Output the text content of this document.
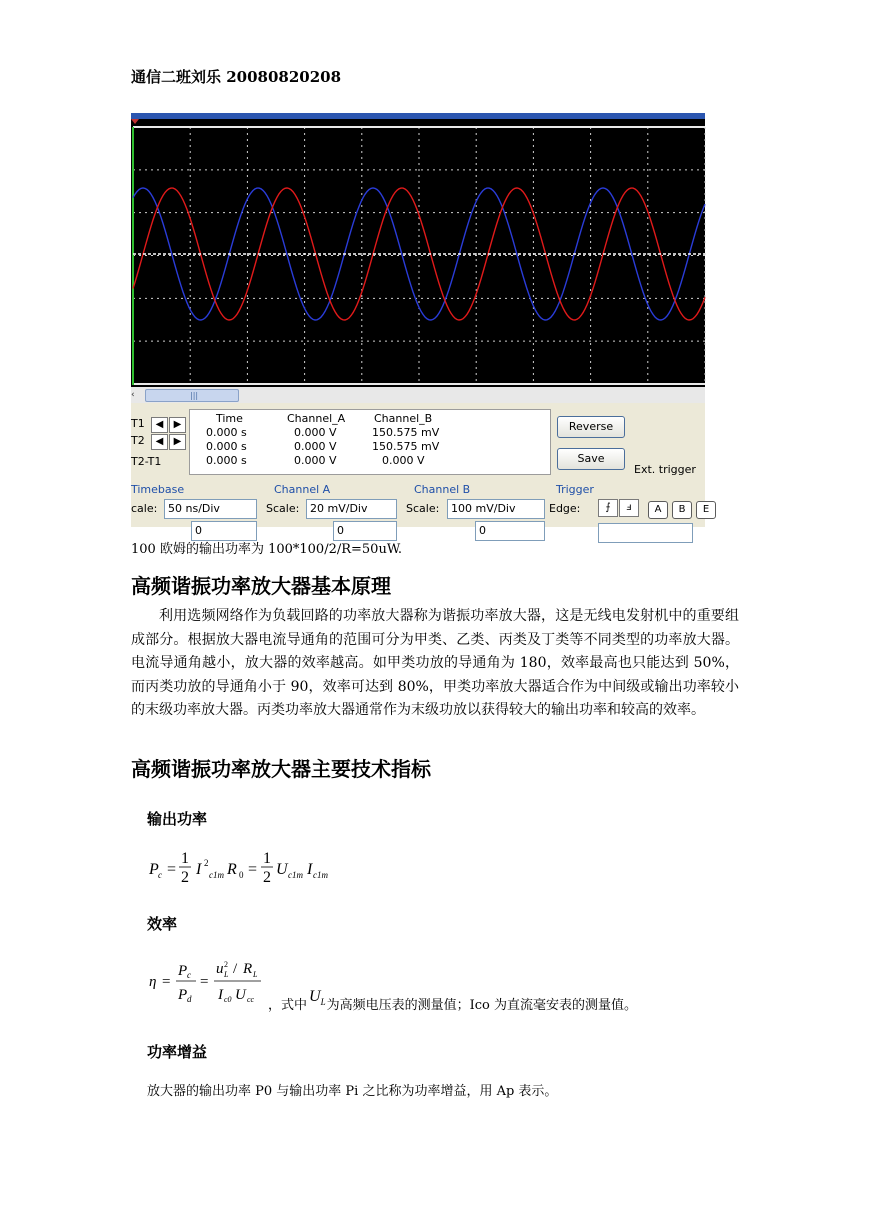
通信二班刘乐 20080820208
‹	|||
T1	◀	▶
T2	◀	▶
T2-T1
Time	Channel_A	Channel_B
0.000 s	0.000 V	150.575 mV
0.000 s	0.000 V	150.575 mV
0.000 s	0.000 V	0.000 V
Reverse
Save
Ext. trigger
Timebase
cale: 50 ns/Div
0
Channel A
Scale: 20 mV/Div
0
Channel B
Scale:	100 mV/Div
0
Trigger
Edge:	⨍	ⅎ	A	B	E
100 欧姆的输出功率为 100*100/2/R=50uW.
高频谐振功率放大器基本原理
利用选频网络作为负载回路的功率放大器称为谐振功率放大器，这是无线电发射机中的重要组成部分。根据放大器电流导通角的范围可分为甲类、乙类、丙类及丁类等不同类型的功率放大器。电流导通角越小，放大器的效率越高。如甲类功放的导通角为 180，效率最高也只能达到 50%，而丙类功放的导通角小于 90，效率可达到 80%，甲类功率放大器适合作为中间级或输出功率较小的末级功率放大器。丙类功率放大器通常作为末级功放以获得较大的输出功率和较高的效率。
高频谐振功率放大器主要技术指标
输出功率
P c =
1
2 I 2
c1m R 0 =
1
2 U c1m I c1m
效率
η =
P c
P d
=
u 2
L / R L
I c0 U cc ，式中$U_L$为高频电压表的测量值；Ico 为直流毫安表的测量值。
功率增益
放大器的输出功率 P0 与输出功率 Pi 之比称为功率增益，用 Ap 表示。
